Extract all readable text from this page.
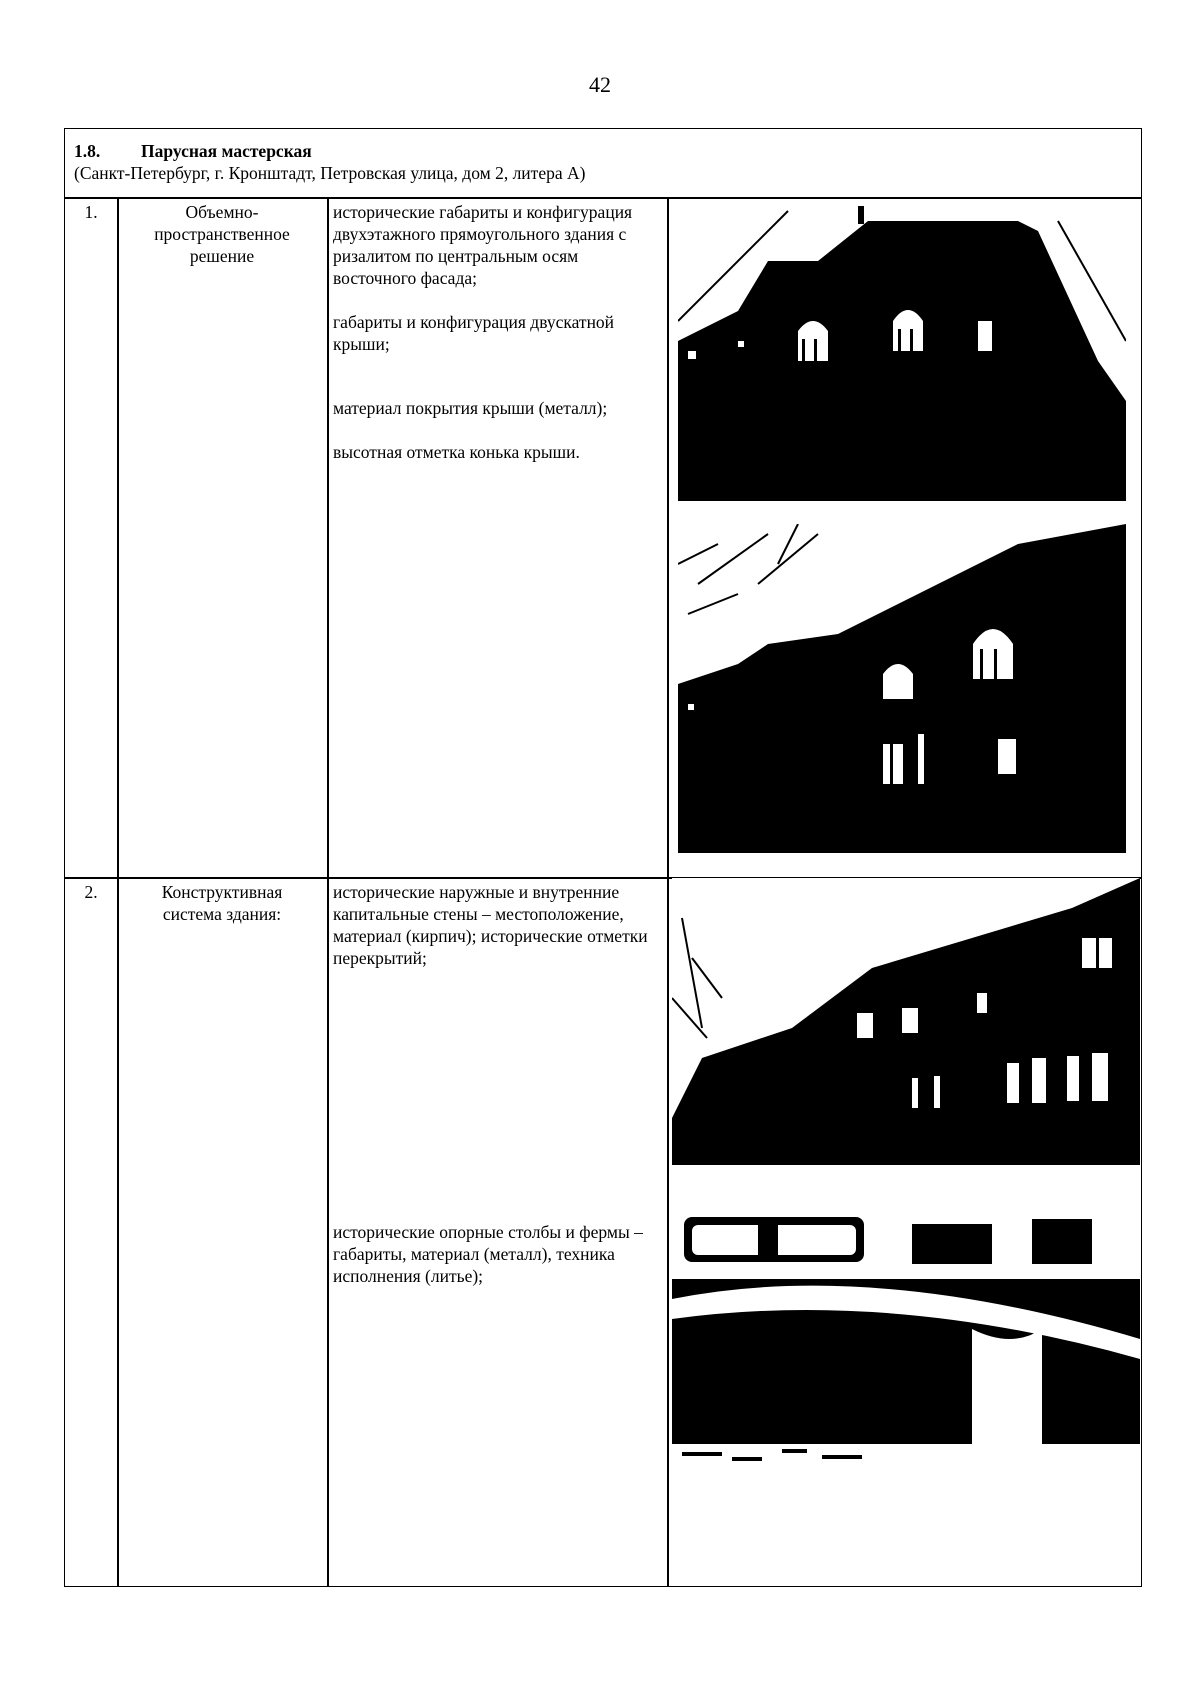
42
1.8. Парусная мастерская
(Санкт-Петербург, г. Кронштадт, Петровская улица, дом 2, литера А)
1.	Объемно-пространственное решение

исторические габариты и конфигурация двухэтажного прямоугольного здания с ризалитом по центральным осям восточного фасада;

габариты и конфигурация двускатной крыши;

материал покрытия крыши (металл);

высотная отметка конька крыши.

2.	Конструктивная система здания:

исторические наружные и внутренние капитальные стены – местоположение, материал (кирпич); исторические отметки перекрытий;

исторические опорные столбы и фермы – габариты, материал (металл), техника исполнения (литье);
